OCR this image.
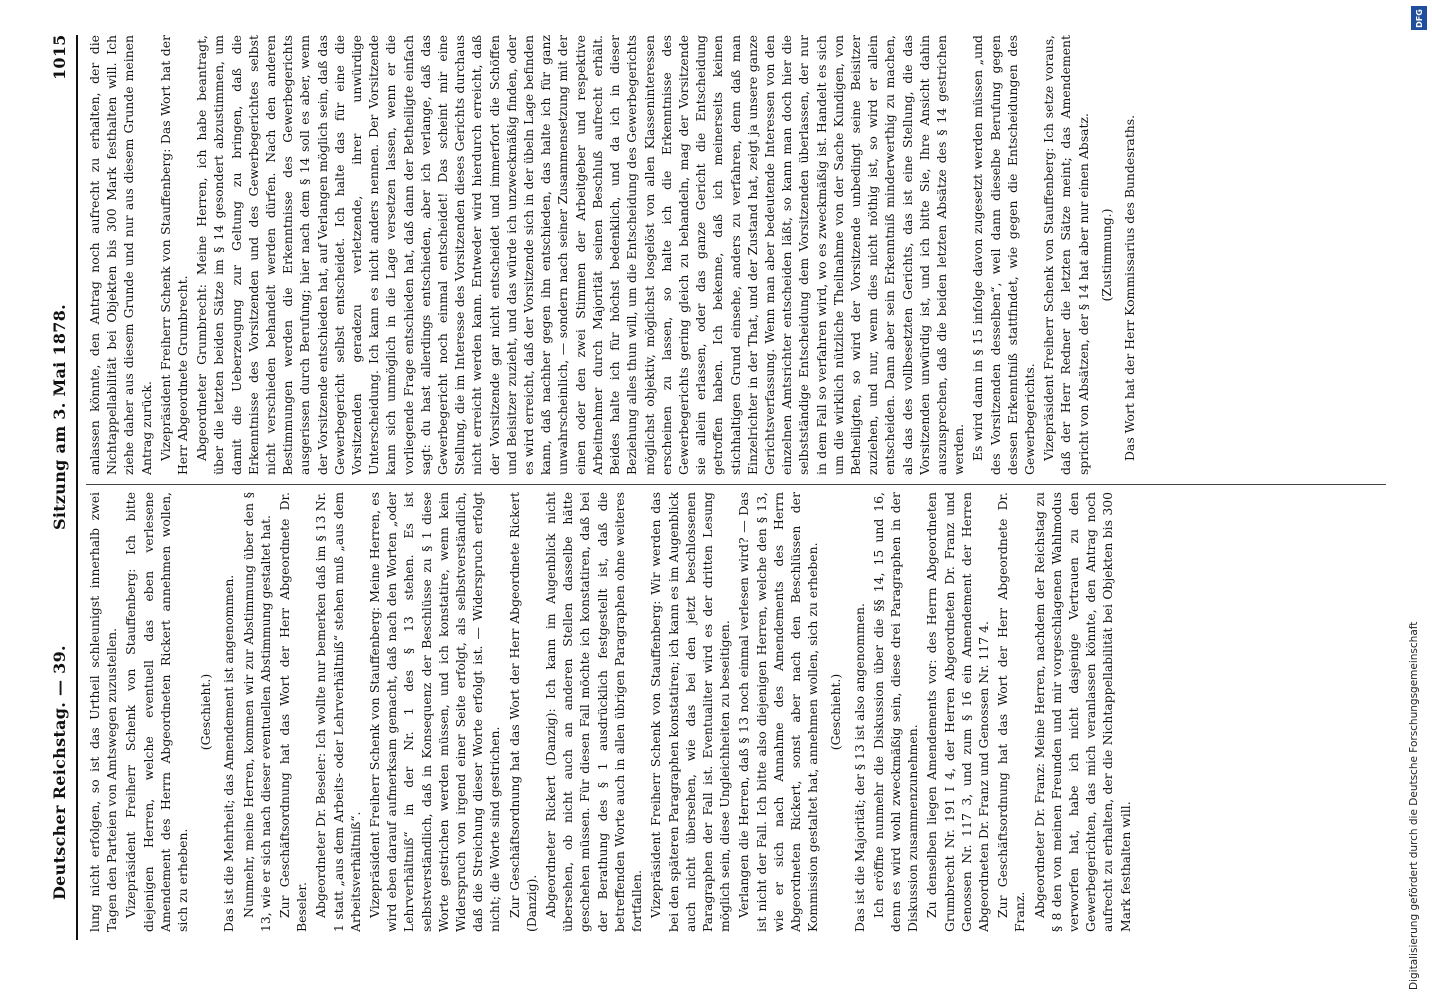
Deutscher Reichstag. — 39.
Sitzung am 3. Mai 1878.
1015

lung nicht erfolgen, so ist das Urtheil schleunigst innerhalb zwei Tagen den Parteien von Amtswegen zuzustellen. Vizepräsident Freiherr Schenk von Stauffenberg: Ich bitte diejenigen Herren, welche eventuell das eben verlesene Amendement des Herrn Abgeordneten Rickert annehmen wollen, sich zu erheben.

(Geschieht.) Das ist die Mehrheit; das Amendement ist angenommen. Nunmehr, meine Herren, kommen wir zur Abstimmung über den § 13, wie er sich nach dieser eventuellen Abstimmung gestaltet hat. Zur Geschäftsordnung hat das Wort der Herr Abgeordnete Dr. Beseler. Abgeordneter Dr. Beseler: Ich wollte nur bemerken daß im § 13 Nr. 1 statt „aus dem Arbeits- oder Lehrverhältniß“ stehen muß „aus dem Arbeitsverhältniß“. Vizepräsident Freiherr Schenk von Stauffenberg: Meine Herren, es wird eben darauf aufmerksam gemacht, daß nach den Worten „oder Lehrverhältniß“ in der Nr. 1 des § 13 stehen. Es ist selbstverständlich, daß in Konsequenz der Beschlüsse zu § 1 diese Worte gestrichen werden müssen, und ich konstatire, wenn kein Widerspruch von irgend einer Seite erfolgt, als selbstverständlich, daß die Streichung dieser Worte erfolgt ist. — Widerspruch erfolgt nicht; die Worte sind gestrichen. Zur Geschäftsordnung hat das Wort der Herr Abgeordnete Rickert (Danzig). Abgeordneter Rickert (Danzig): Ich kann im Augenblick nicht übersehen, ob nicht auch an anderen Stellen dasselbe hätte geschehen müssen. Für diesen Fall möchte ich konstatiren, daß bei der Berathung des § 1 ausdrücklich festgestellt ist, daß die betreffenden Worte auch in allen übrigen Paragraphen ohne weiteres fortfallen. Vizepräsident Freiherr Schenk von Stauffenberg: Wir werden das bei den späteren Paragraphen konstatiren; ich kann es im Augenblick auch nicht übersehen, wie das bei den jetzt beschlossenen Paragraphen der Fall ist. Eventualiter wird es der dritten Lesung möglich sein, diese Ungleichheiten zu beseitigen. Verlangen die Herren, daß § 13 noch einmal verlesen wird? — Das ist nicht der Fall. Ich bitte also diejenigen Herren, welche den § 13, wie er sich nach Annahme des Amendements des Herrn Abgeordneten Rickert, sonst aber nach den Beschlüssen der Kommission gestaltet hat, annehmen wollen, sich zu erheben. (Geschieht.) Das ist die Majorität; der § 13 ist also angenommen. Ich eröffne nunmehr die Diskussion über die §§ 14, 15 und 16, denn es wird wohl zweckmäßig sein, diese drei Paragraphen in der Diskussion zusammenzunehmen. Zu denselben liegen Amendements vor: des Herrn Abgeordneten Grumbrecht Nr. 191 I 4, der Herren Abgeordneten Dr. Franz und Genossen Nr. 117 3, und zum § 16 ein Amendement der Herren Abgeordneten Dr. Franz und Genossen Nr. 117 4. Zur Geschäftsordnung hat das Wort der Herr Abgeordnete Dr. Franz. Abgeordneter Dr. Franz: Meine Herren, nachdem der Reichstag zu § 8 den von meinen Freunden und mir vorgeschlagenen Wahlmodus verworfen hat, habe ich nicht dasjenige Vertrauen zu den Gewerbegerichten, das mich veranlassen könnte, den Antrag noch aufrecht zu erhalten, der die Nichtappellabilität bei Objekten bis 300 Mark festhalten will.

anlassen könnte, den Antrag noch aufrecht zu erhalten, der die Nichtappellabilität bei Objekten bis 300 Mark festhalten will. Ich ziehe daher aus diesem Grunde und nur aus diesem Grunde meinen Antrag zurück. Vizepräsident Freiherr Schenk von Stauffenberg: Das Wort hat der Herr Abgeordnete Grumbrecht. Abgeordneter Grumbrecht: Meine Herren, ich habe beantragt, über die letzten beiden Sätze im § 14 gesondert abzustimmen, um damit die Ueberzeugung zur Geltung zu bringen, daß die Erkenntnisse des Vorsitzenden und des Gewerbegerichtes selbst nicht verschieden behandelt werden dürfen. Nach den anderen Bestimmungen werden die Erkenntnisse des Gewerbegerichts ausgerissen durch Berufung; hier nach dem § 14 soll es aber, wenn der Vorsitzende entschieden hat, auf Verlangen möglich sein, daß das Gewerbegericht selbst entscheidet. Ich halte das für eine die Vorsitzenden geradezu verletzende, ihrer unwürdige Unterscheidung. Ich kann es nicht anders nennen. Der Vorsitzende kann sich unmöglich in die Lage versetzen lassen, wenn er die vorliegende Frage entschieden hat, daß dann der Betheiligte einfach sagt: du hast allerdings entschieden, aber ich verlange, daß das Gewerbegericht noch einmal entscheidet! Das scheint mir eine Stellung, die im Interesse des Vorsitzenden dieses Gerichts durchaus nicht erreicht werden kann. Entweder wird hierdurch erreicht, daß der Vorsitzende gar nicht entscheidet und immerfort die Schöffen und Beisitzer zuzieht, und das würde ich unzweckmäßig finden, oder es wird erreicht, daß der Vorsitzende sich in der übeln Lage befinden kann, daß nachher gegen ihn entschieden, das halte ich für ganz unwahrscheinlich, — sondern nach seiner Zusammensetzung mit der einen oder den zwei Stimmen der Arbeitgeber und respektive Arbeitnehmer durch Majorität seinen Beschluß aufrecht erhält. Beides halte ich für höchst bedenklich, und da ich in dieser Beziehung alles thun will, um die Entscheidung des Gewerbegerichts möglichst objektiv, möglichst losgelöst von allen Klasseninteressen erscheinen zu lassen, so halte ich die Erkenntnisse des Gewerbegerichts gering gleich zu behandeln, mag der Vorsitzende sie allein erlassen, oder das ganze Gericht die Entscheidung getroffen haben. Ich bekenne, daß ich meinerseits keinen stichhaltigen Grund einsehe, anders zu verfahren, denn daß man Einzelrichter in der That, und der Zustand hat, zeigt ja unsere ganze Gerichtsverfassung. Wenn man aber bedeutende Interessen von den einzelnen Amtsrichter entscheiden läßt, so kann man doch hier die selbstständige Entscheidung dem Vorsitzenden überlassen, der nur in dem Fall so verfahren wird, wo es zweckmäßig ist. Handelt es sich um die wirklich nützliche Theilnahme von der Sache Kundigen, von Betheiligten, so wird der Vorsitzende unbedingt seine Beisitzer zuziehen, und nur, wenn dies nicht nöthig ist, so wird er allein entscheiden. Dann aber sein Erkenntniß minderwerthig zu machen, als das des vollbesetzten Gerichts, das ist eine Stellung, die das Vorsitzenden unwürdig ist, und ich bitte Sie, Ihre Ansicht dahin auszusprechen, daß die beiden letzten Absätze des § 14 gestrichen werden. Es wird dann in § 15 infolge davon zugesetzt werden müssen „und des Vorsitzenden desselben“, weil dann dieselbe Berufung gegen dessen Erkenntniß stattfindet, wie gegen die Entscheidungen des Gewerbegerichts. Vizepräsident Freiherr Schenk von Stauffenberg: Ich setze voraus, daß der Herr Redner die letzten Sätze meint; das Amendement spricht von Absätzen, der § 14 hat aber nur einen Absatz. (Zustimmung.) Das Wort hat der Herr Kommissarius des Bundesraths.

Digitalisierung gefördert durch die Deutsche Forschungsgemeinschaft
DFG
